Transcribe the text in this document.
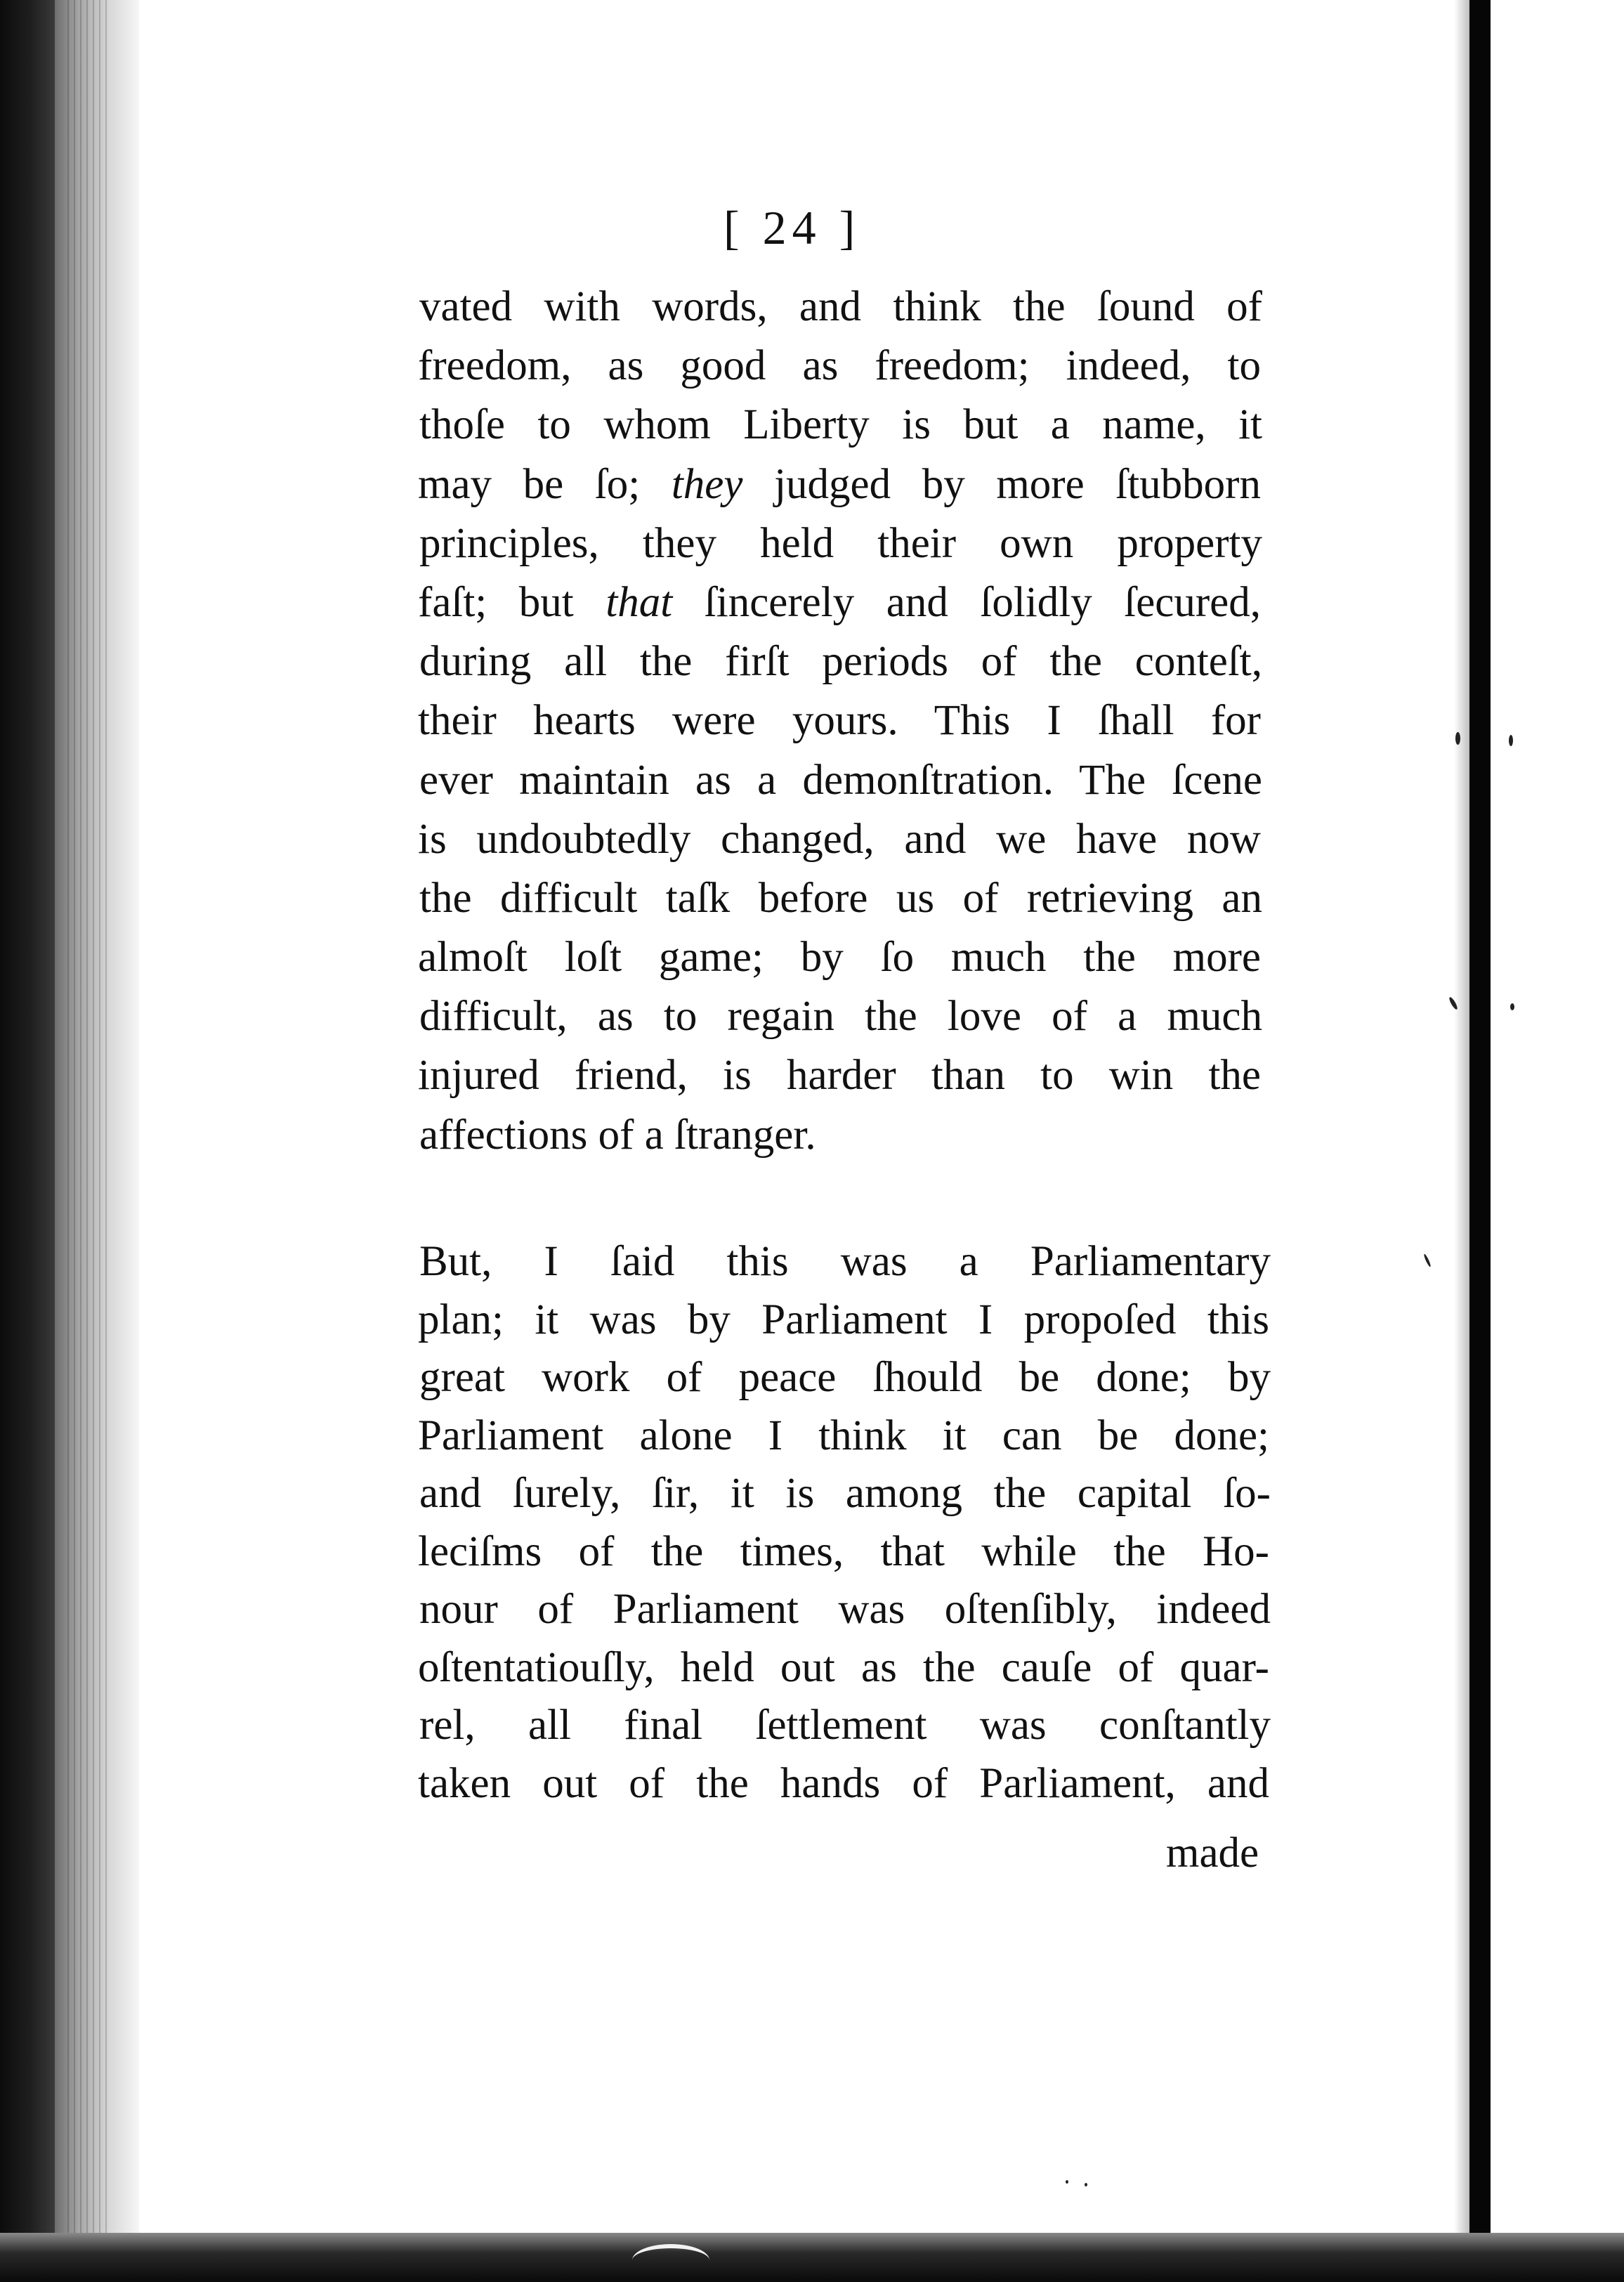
[ 24 ]
vated with words, and think the ſound of
freedom, as good as freedom; indeed, to
thoſe to whom Liberty is but a name, it
may be ſo; they judged by more ſtubborn
principles, they held their own property
faſt; but that ſincerely and ſolidly ſecured,
during all the firſt periods of the conteſt,
their hearts were yours. This I ſhall for
ever maintain as a demonſtration. The ſcene
is undoubtedly changed, and we have now
the difficult taſk before us of retrieving an
almoſt loſt game; by ſo much the more
difficult, as to regain the love of a much
injured friend, is harder than to win the
affections of a ſtranger.
But, I ſaid this was a Parliamentary
plan; it was by Parliament I propoſed this
great work of peace ſhould be done; by
Parliament alone I think it can be done;
and ſurely, ſir, it is among the capital ſo-
leciſms of the times, that while the Ho-
nour of Parliament was oſtenſibly, indeed
oſtentatiouſly, held out as the cauſe of quar-
rel, all final ſettlement was conſtantly
taken out of the hands of Parliament, and
made
